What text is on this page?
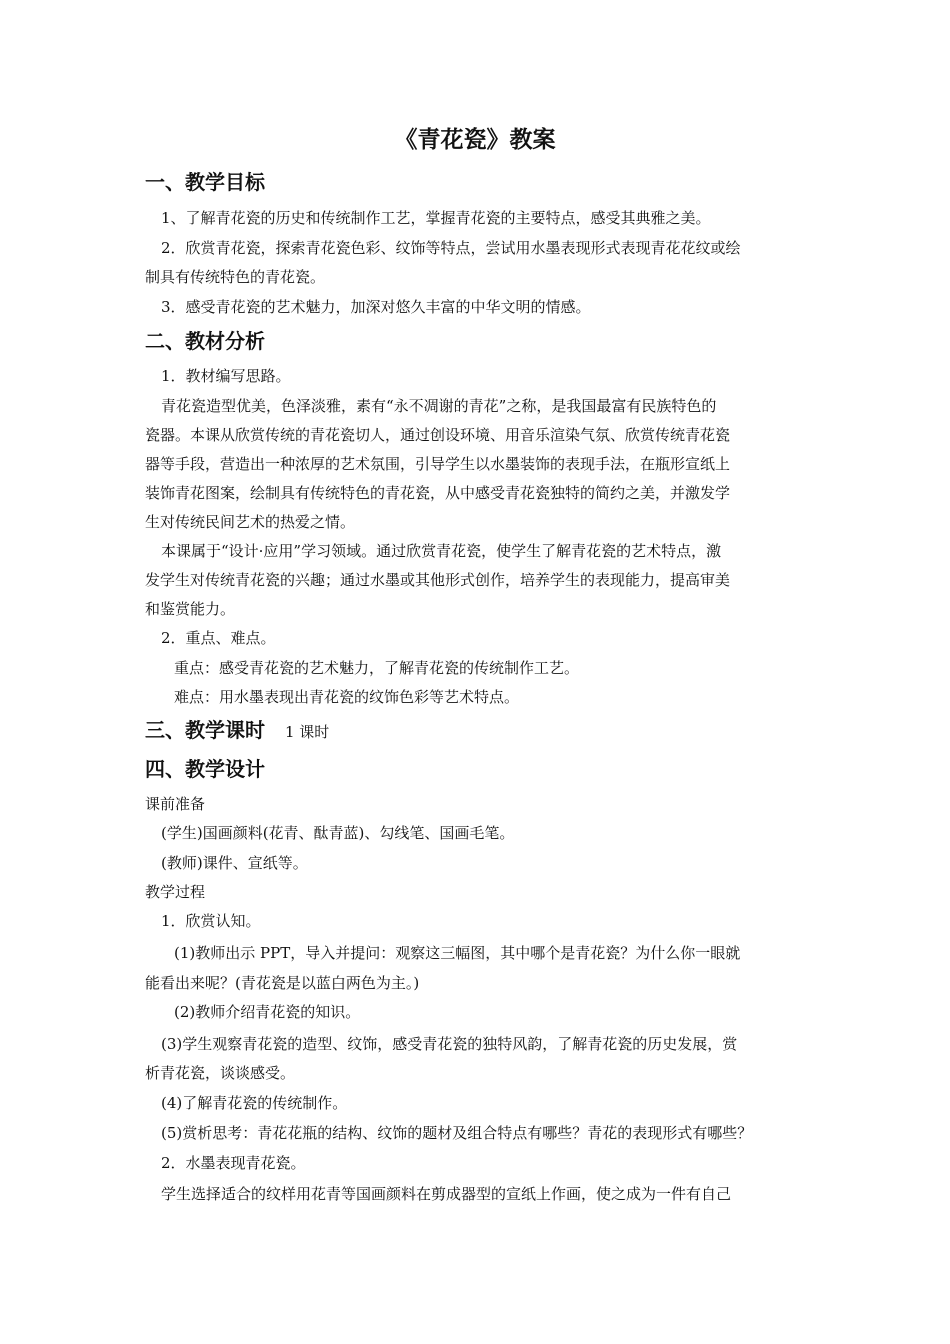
《青花瓷》教案
一、教学目标
1、了解青花瓷的历史和传统制作工艺，掌握青花瓷的主要特点，感受其典雅之美。
2．欣赏青花瓷，探索青花瓷色彩、纹饰等特点，尝试用水墨表现形式表现青花花纹或绘
制具有传统特色的青花瓷。
3．感受青花瓷的艺术魅力，加深对悠久丰富的中华文明的情感。
二、教材分析
1．教材编写思路。
青花瓷造型优美，色泽淡雅，素有“永不凋谢的青花”之称，是我国最富有民族特色的
瓷器。本课从欣赏传统的青花瓷切人，通过创设环境、用音乐渲染气氛、欣赏传统青花瓷
器等手段，营造出一种浓厚的艺术氛围，引导学生以水墨装饰的表现手法，在瓶形宣纸上
装饰青花图案，绘制具有传统特色的青花瓷，从中感受青花瓷独特的简约之美，并激发学
生对传统民间艺术的热爱之情。
本课属于“设计·应用”学习领域。通过欣赏青花瓷，使学生了解青花瓷的艺术特点，激
发学生对传统青花瓷的兴趣；通过水墨或其他形式创作，培养学生的表现能力，提高审美
和鉴赏能力。
2．重点、难点。
重点：感受青花瓷的艺术魅力，了解青花瓷的传统制作工艺。
难点：用水墨表现出青花瓷的纹饰色彩等艺术特点。
三、教学课时 1 课时
四、教学设计
课前准备
(学生)国画颜料(花青、酞青蓝)、勾线笔、国画毛笔。
(教师)课件、宣纸等。
教学过程
1．欣赏认知。
(1)教师出示 PPT，导入并提问：观察这三幅图，其中哪个是青花瓷？为什么你一眼就
能看出来呢？(青花瓷是以蓝白两色为主。)
(2)教师介绍青花瓷的知识。
(3)学生观察青花瓷的造型、纹饰，感受青花瓷的独特风韵，了解青花瓷的历史发展，赏
析青花瓷，谈谈感受。
(4)了解青花瓷的传统制作。
(5)赏析思考：青花花瓶的结构、纹饰的题材及组合特点有哪些？青花的表现形式有哪些？
2．水墨表现青花瓷。
学生选择适合的纹样用花青等国画颜料在剪成器型的宣纸上作画，使之成为一件有自己
